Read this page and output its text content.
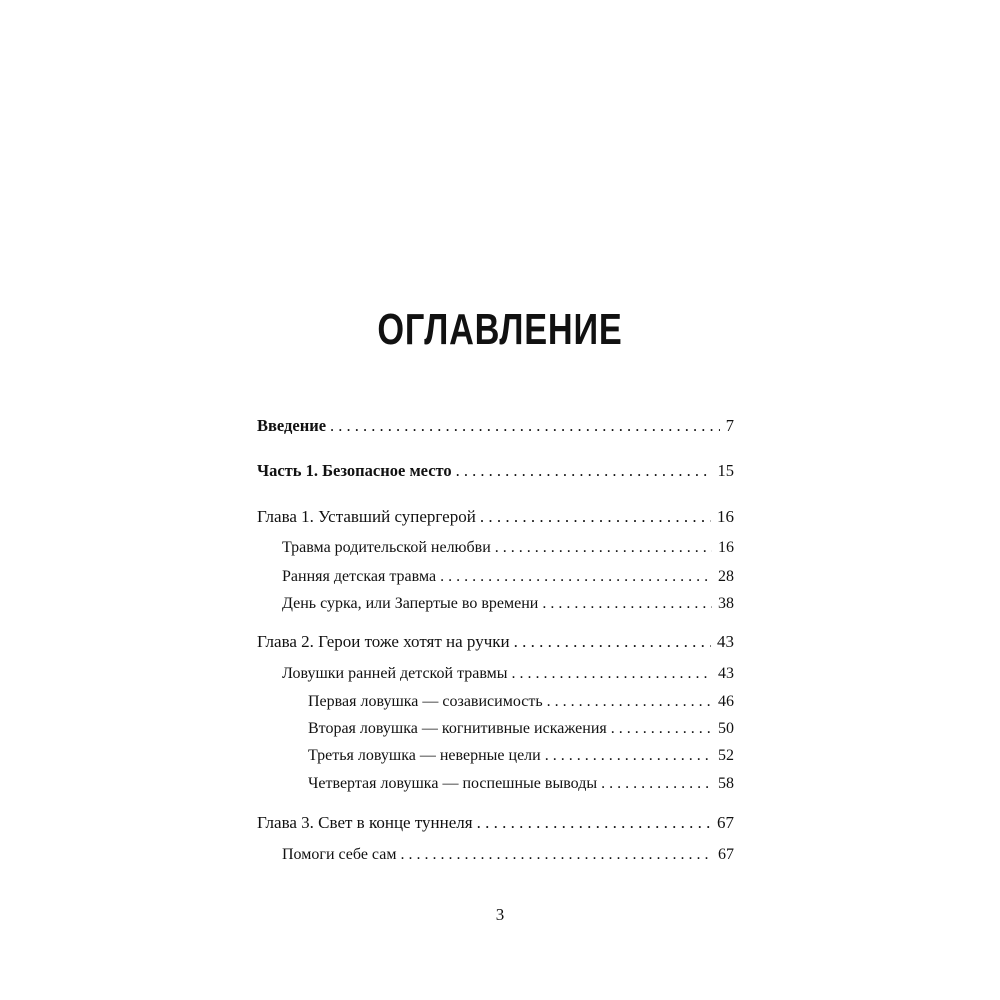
ОГЛАВЛЕНИЕ
Введение . . .	7
Часть 1. Безопасное место . . .	15
Глава 1. Уставший супергерой . . .	16
Травма родительской нелюбви . . .	16
Ранняя детская травма . . .	28
День сурка, или Запертые во времени . . .	38
Глава 2. Герои тоже хотят на ручки . . .	43
Ловушки ранней детской травмы . . .	43
Первая ловушка — созависимость . . .	46
Вторая ловушка — когнитивные искажения . . .	50
Третья ловушка — неверные цели . . .	52
Четвертая ловушка — поспешные выводы . . .	58
Глава 3. Свет в конце туннеля . . .	67
Помоги себе сам . . .	67
3
